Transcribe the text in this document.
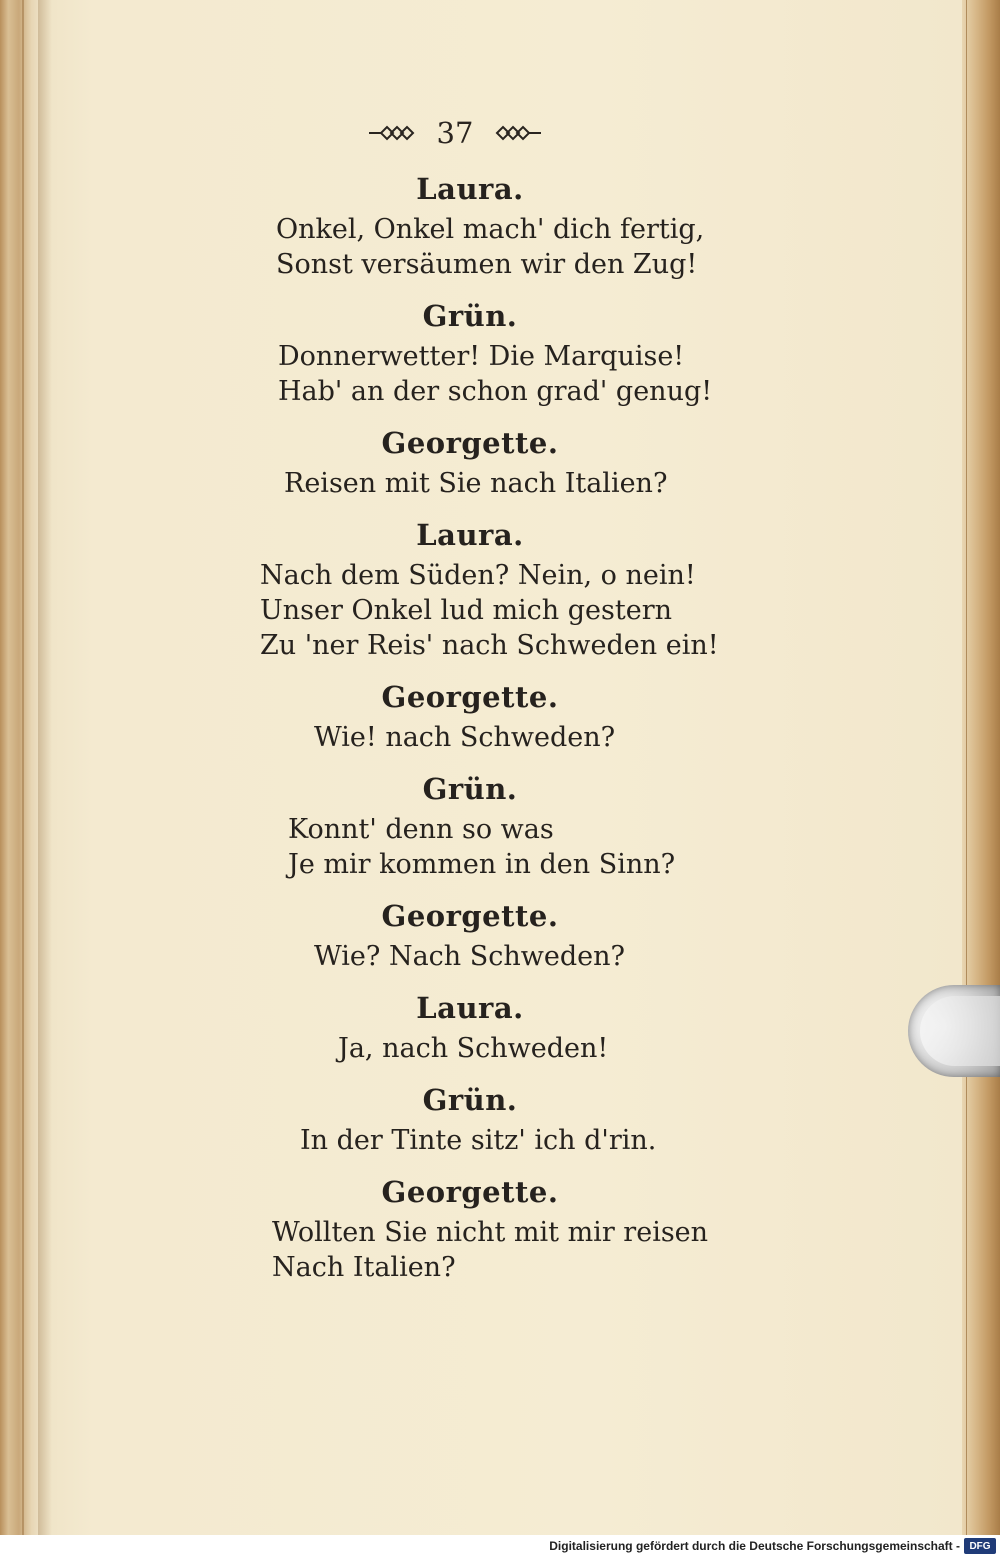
37
Laura.
Onkel, Onkel mach' dich fertig,
Sonst versäumen wir den Zug!
Grün.
Donnerwetter! Die Marquise!
Hab' an der schon grad' genug!
Georgette.
Reisen mit Sie nach Italien?
Laura.
Nach dem Süden? Nein, o nein!
Unser Onkel lud mich gestern
Zu 'ner Reis' nach Schweden ein!
Georgette.
Wie! nach Schweden?
Grün.
Konnt' denn so was
Je mir kommen in den Sinn?
Georgette.
Wie? Nach Schweden?
Laura.
Ja, nach Schweden!
Grün.
In der Tinte sitz' ich d'rin.
Georgette.
Wollten Sie nicht mit mir reisen
Nach Italien?
Digitalisierung gefördert durch die Deutsche Forschungsgemeinschaft - DFG
